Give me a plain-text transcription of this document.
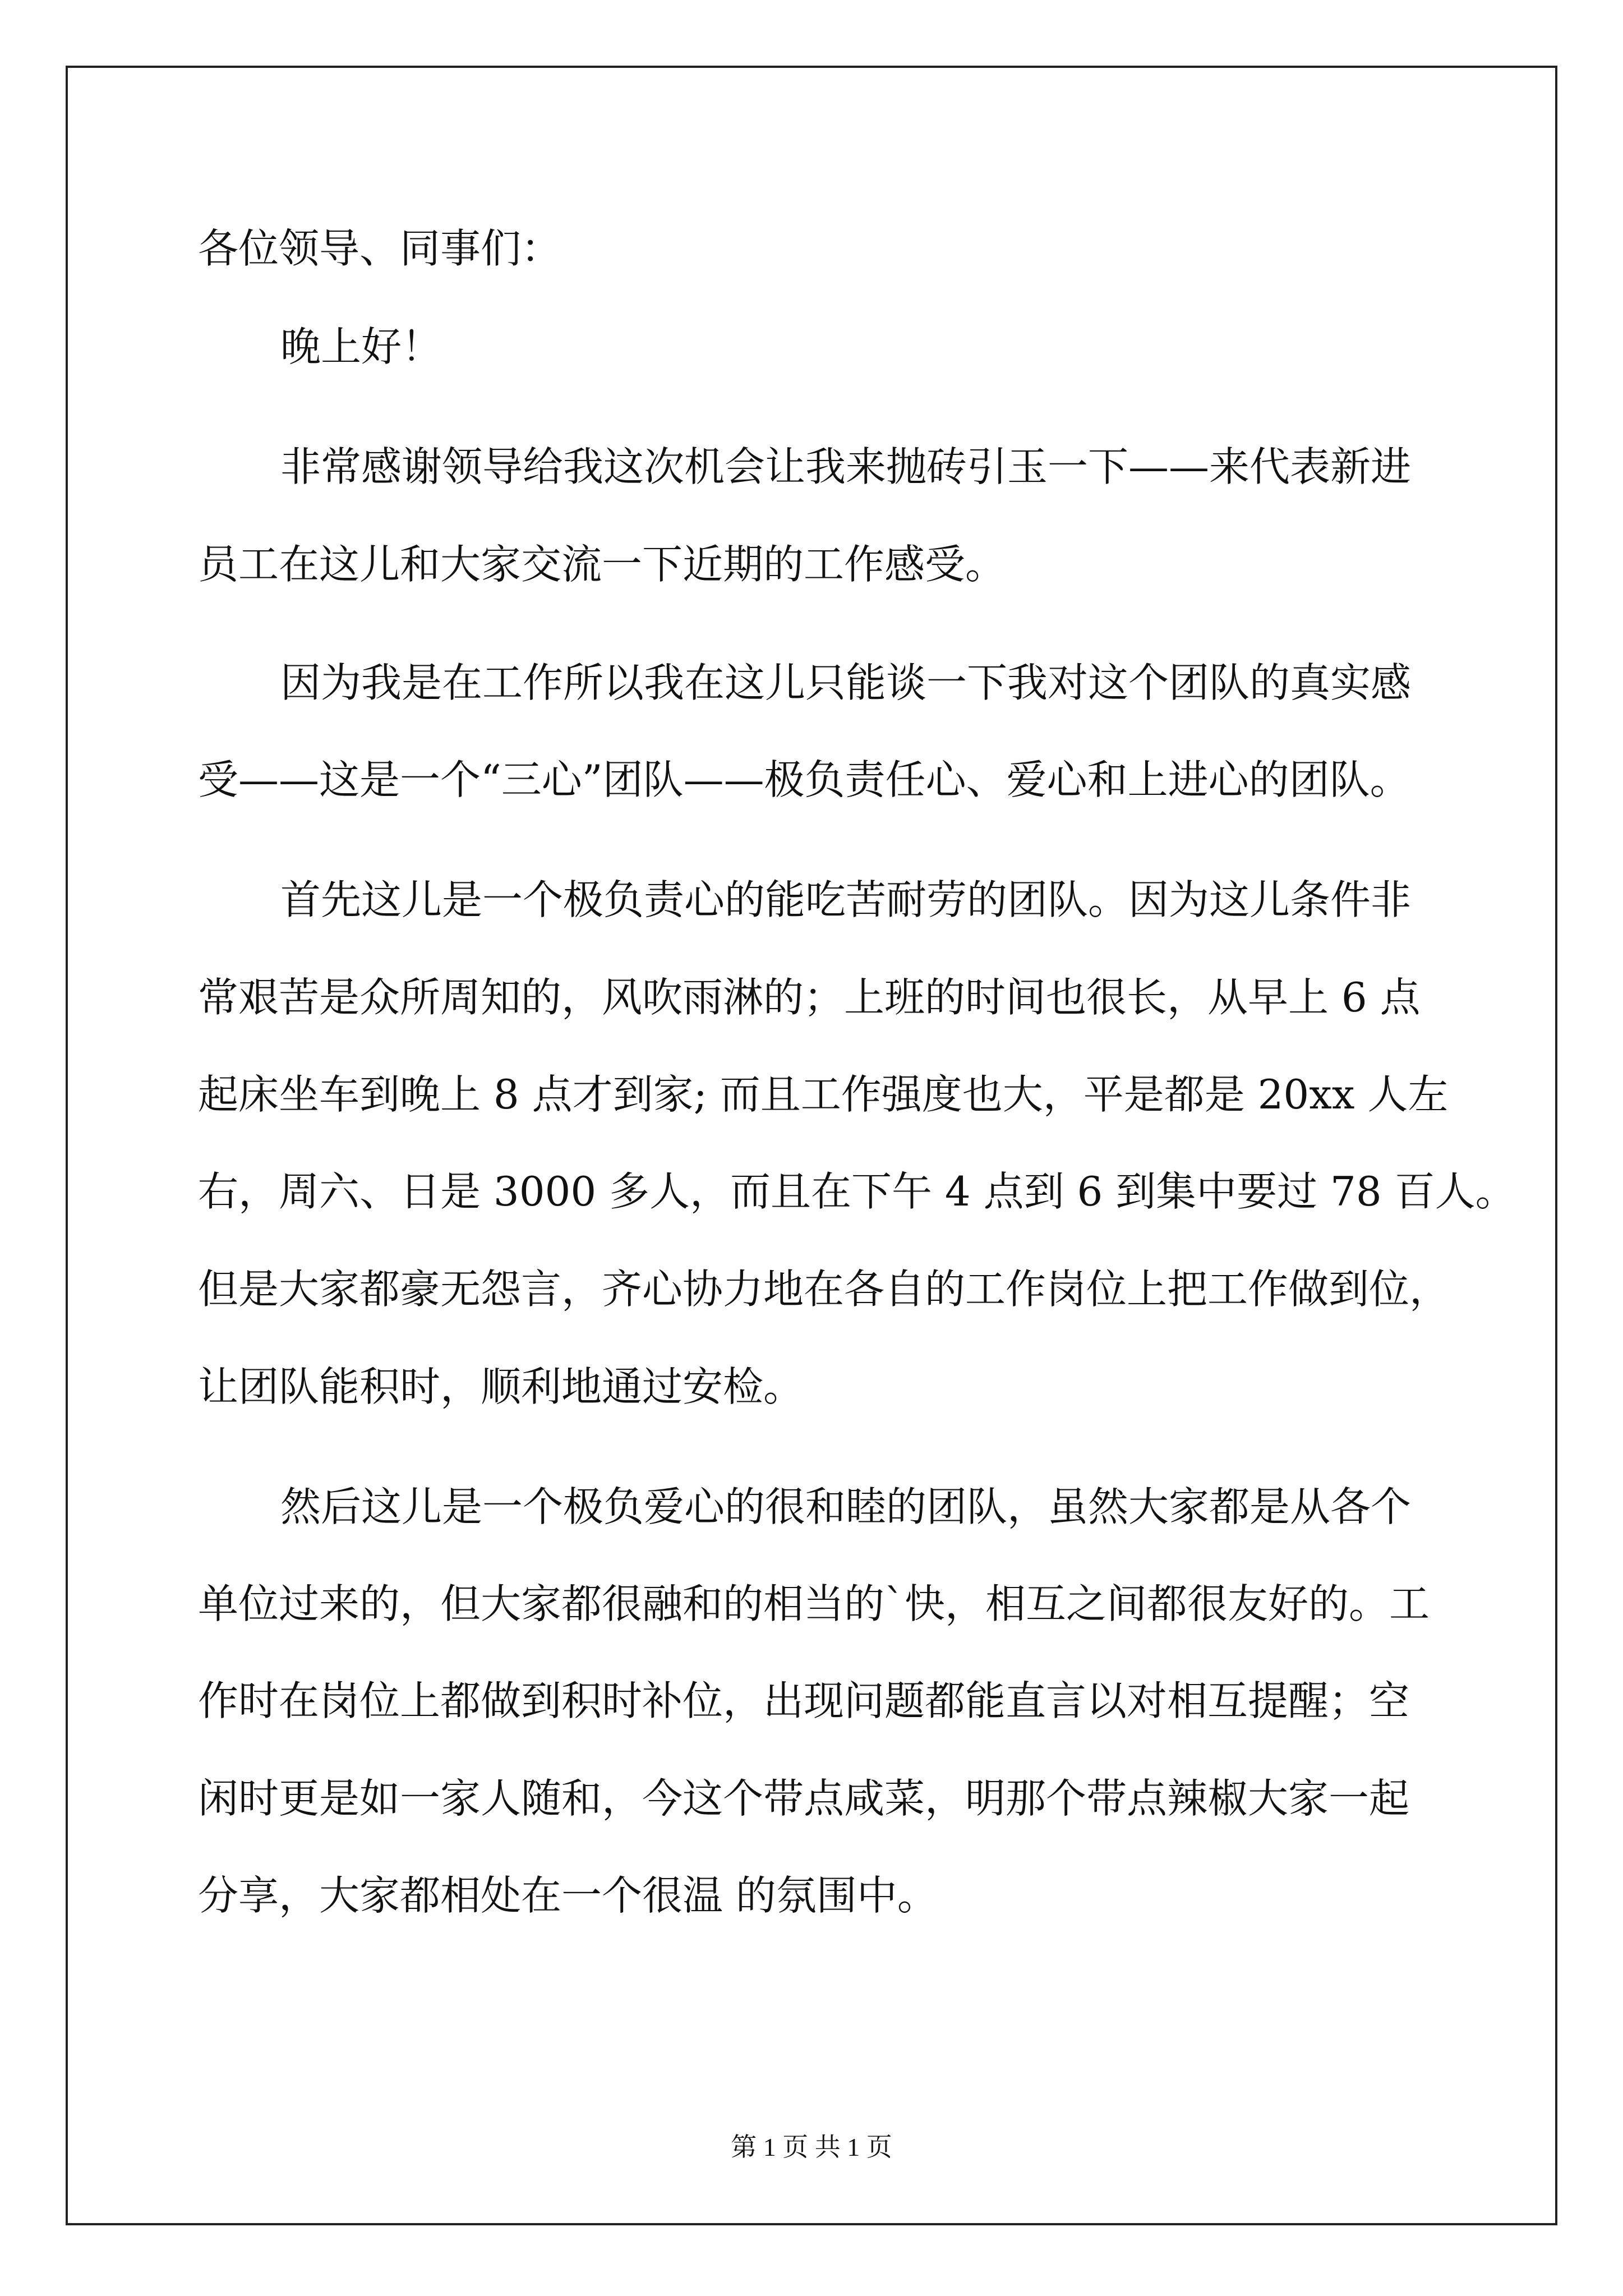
各位领导、同事们：

晚上好！

非常感谢领导给我这次机会让我来抛砖引玉一下——来代表新进

员工在这儿和大家交流一下近期的工作感受。

因为我是在工作所以我在这儿只能谈一下我对这个团队的真实感

受——这是一个“三心”团队——极负责任心、爱心和上进心的团队。

首先这儿是一个极负责心的能吃苦耐劳的团队。因为这儿条件非

常艰苦是众所周知的，风吹雨淋的；上班的时间也很长，从早上 6 点

起床坐车到晚上 8 点才到家; 而且工作强度也大，平是都是 20xx 人左

右，周六、日是 3000 多人，而且在下午 4 点到 6 到集中要过 78 百人。

但是大家都豪无怨言，齐心协力地在各自的工作岗位上把工作做到位，

让团队能积时，顺利地通过安检。

然后这儿是一个极负爱心的很和睦的团队，虽然大家都是从各个

单位过来的，但大家都很融和的相当的`快，相互之间都很友好的。工

作时在岗位上都做到积时补位，出现问题都能直言以对相互提醒；空

闲时更是如一家人随和，今这个带点咸菜，明那个带点辣椒大家一起

分享，大家都相处在一个很温 的氛围中。

第 1 页 共 1 页
